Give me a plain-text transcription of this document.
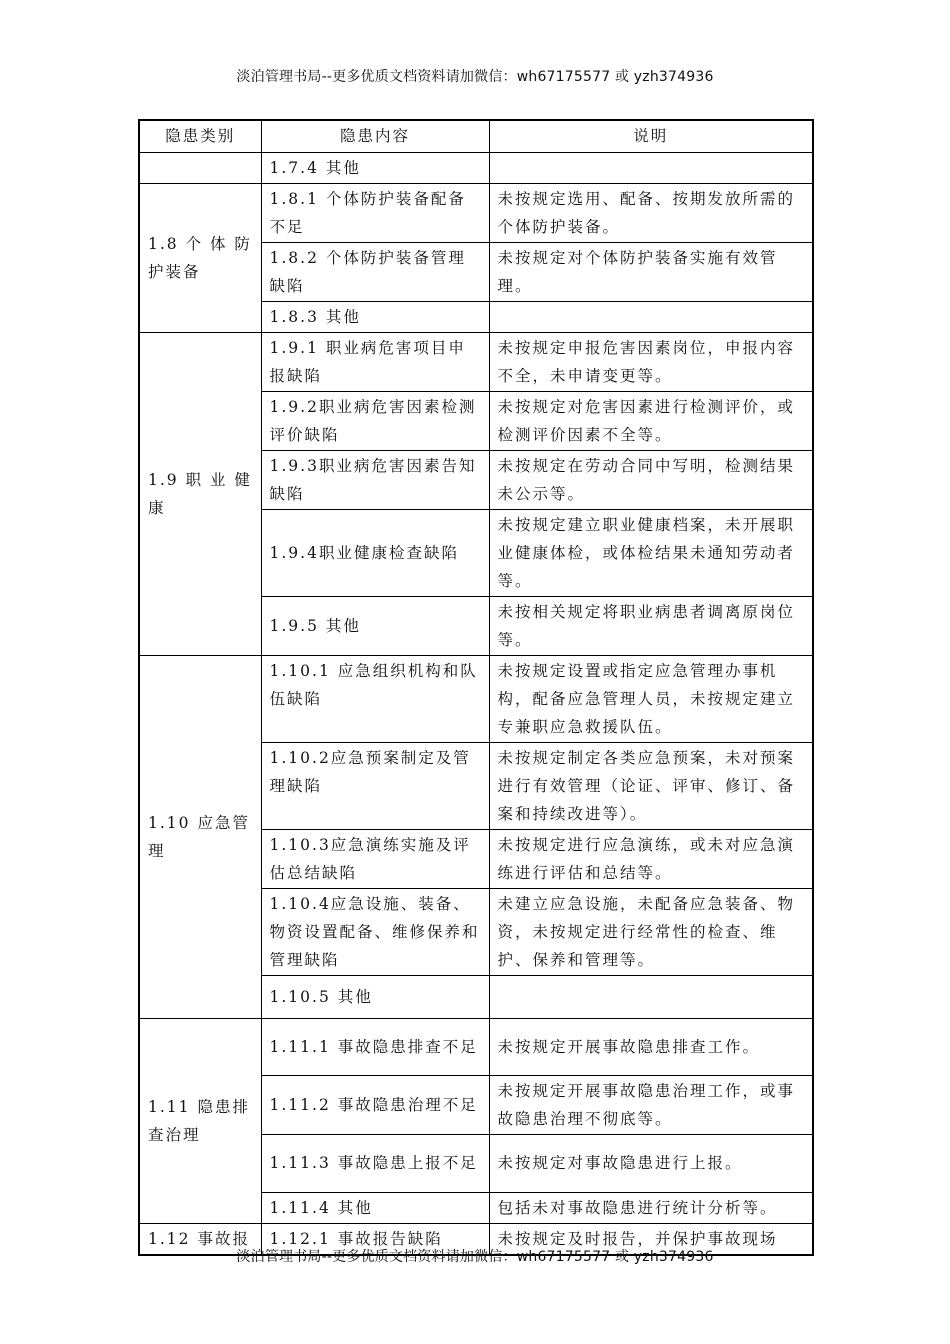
淡泊管理书局--更多优质文档资料请加微信：wh67175577 或 yzh374936
隐患类别	隐患内容	说明
	1.7.4 其他	
1.8 个 体 防护装备	1.8.1 个体防护装备配备不足	未按规定选用、配备、按期发放所需的个体防护装备。
	1.8.2 个体防护装备管理缺陷	未按规定对个体防护装备实施有效管理。
	1.8.3 其他	
1.9 职 业 健康	1.9.1 职业病危害项目申报缺陷	未按规定申报危害因素岗位，申报内容不全，未申请变更等。
	1.9.2职业病危害因素检测评价缺陷	未按规定对危害因素进行检测评价，或检测评价因素不全等。
	1.9.3职业病危害因素告知缺陷	未按规定在劳动合同中写明，检测结果未公示等。
	1.9.4职业健康检查缺陷	未按规定建立职业健康档案，未开展职业健康体检，或体检结果未通知劳动者等。
	1.9.5 其他	未按相关规定将职业病患者调离原岗位等。
1.10 应急管理	1.10.1 应急组织机构和队伍缺陷	未按规定设置或指定应急管理办事机构，配备应急管理人员，未按规定建立专兼职应急救援队伍。
	1.10.2应急预案制定及管理缺陷	未按规定制定各类应急预案，未对预案进行有效管理（论证、评审、修订、备案和持续改进等）。
	1.10.3应急演练实施及评估总结缺陷	未按规定进行应急演练，或未对应急演练进行评估和总结等。
	1.10.4应急设施、装备、物资设置配备、维修保养和管理缺陷	未建立应急设施，未配备应急装备、物资，未按规定进行经常性的检查、维护、保养和管理等。
	1.10.5 其他	
1.11 隐患排查治理	1.11.1 事故隐患排查不足	未按规定开展事故隐患排查工作。
	1.11.2 事故隐患治理不足	未按规定开展事故隐患治理工作，或事故隐患治理不彻底等。
	1.11.3 事故隐患上报不足	未按规定对事故隐患进行上报。
	1.11.4 其他	包括未对事故隐患进行统计分析等。
1.12 事故报	1.12.1 事故报告缺陷	未按规定及时报告，并保护事故现场
淡泊管理书局--更多优质文档资料请加微信：wh67175577 或 yzh374936
